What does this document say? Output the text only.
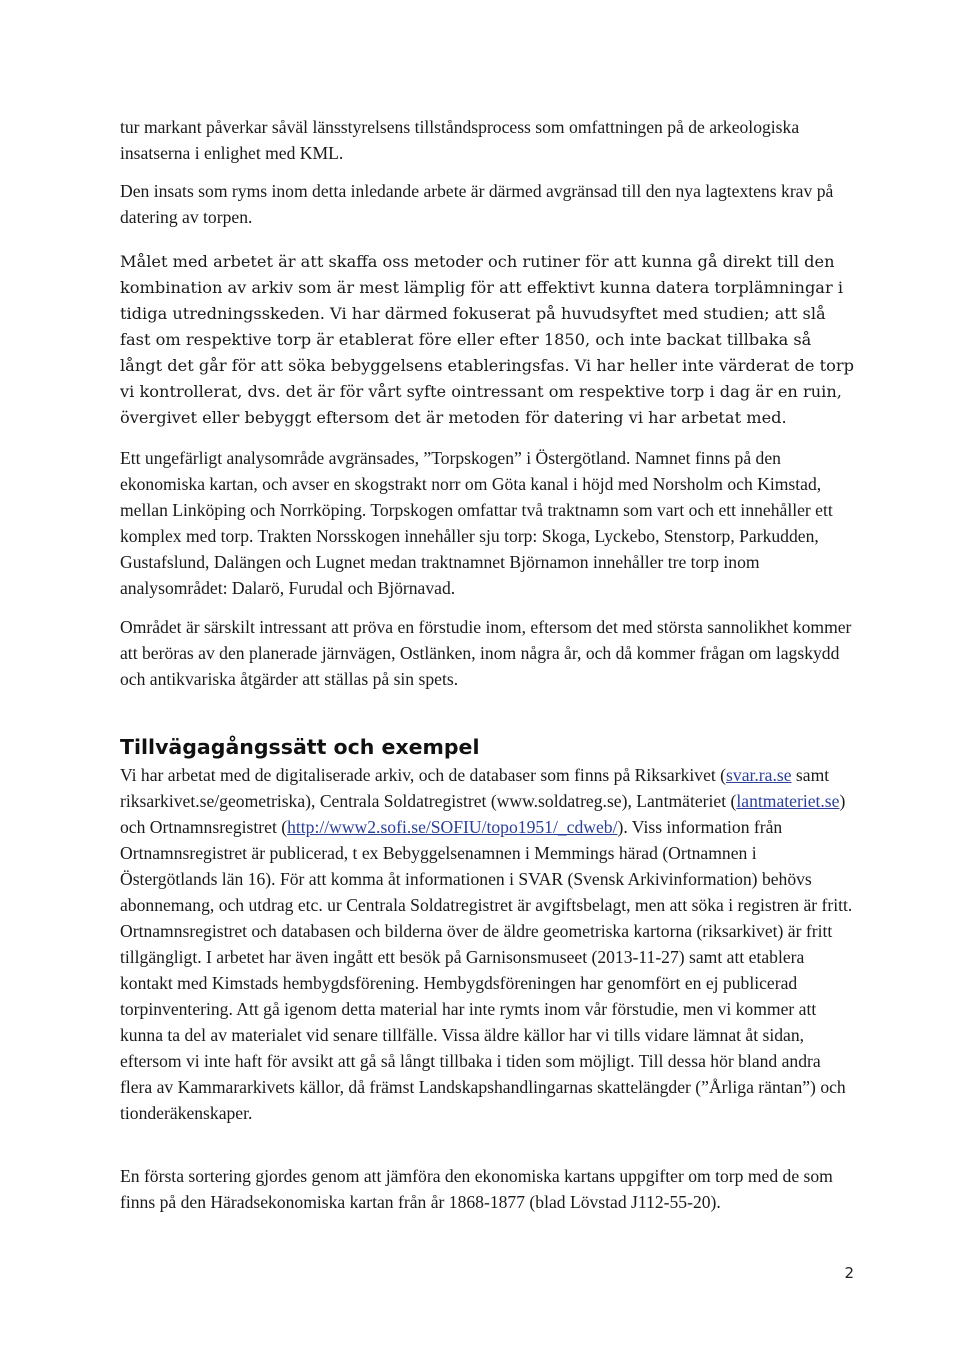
tur markant påverkar såväl länsstyrelsens tillståndsprocess som omfattningen på de arkeologiska insatserna i enlighet med KML.

Den insats som ryms inom detta inledande arbete är därmed avgränsad till den nya lagtextens krav på datering av torpen.

Målet med arbetet är att skaffa oss metoder och rutiner för att kunna gå direkt till den kombination av arkiv som är mest lämplig för att effektivt kunna datera torplämningar i tidiga utredningsskeden. Vi har därmed fokuserat på huvudsyftet med studien; att slå fast om respektive torp är etablerat före eller efter 1850, och inte backat tillbaka så långt det går för att söka bebyggelsens etableringsfas. Vi har heller inte värderat de torp vi kontrollerat, dvs. det är för vårt syfte ointressant om respektive torp i dag är en ruin, övergivet eller bebyggt eftersom det är metoden för datering vi har arbetat med.

Ett ungefärligt analysområde avgränsades, ”Torpskogen” i Östergötland. Namnet finns på den ekonomiska kartan, och avser en skogstrakt norr om Göta kanal i höjd med Norsholm och Kimstad, mellan Linköping och Norrköping. Torpskogen omfattar två traktnamn som vart och ett innehåller ett komplex med torp. Trakten Norsskogen innehåller sju torp: Skoga, Lyckebo, Stenstorp, Parkudden, Gustafslund, Dalängen och Lugnet medan traktnamnet Björnamon innehåller tre torp inom analysområdet: Dalarö, Furudal och Björnavad.

Området är särskilt intressant att pröva en förstudie inom, eftersom det med största sannolikhet kommer att beröras av den planerade järnvägen, Ostlänken, inom några år, och då kommer frågan om lagskydd och antikvariska åtgärder att ställas på sin spets.

Tillvägagångssätt och exempel

Vi har arbetat med de digitaliserade arkiv, och de databaser som finns på Riksarkivet (svar.ra.se samt riksarkivet.se/geometriska), Centrala Soldatregistret (www.soldatreg.se), Lantmäteriet (lantmateriet.se) och Ortnamnsregistret (http://www2.sofi.se/SOFIU/topo1951/_cdweb/). Viss information från Ortnamnsregistret är publicerad, t ex Bebyggelsenamnen i Memmings härad (Ortnamnen i Östergötlands län 16). För att komma åt informationen i SVAR (Svensk Arkivinformation) behövs abonnemang, och utdrag etc. ur Centrala Soldatregistret är avgiftsbelagt, men att söka i registren är fritt. Ortnamnsregistret och databasen och bilderna över de äldre geometriska kartorna (riksarkivet) är fritt tillgängligt. I arbetet har även ingått ett besök på Garnisonsmuseet (2013-11-27) samt att etablera kontakt med Kimstads hembygdsförening. Hembygdsföreningen har genomfört en ej publicerad torpinventering. Att gå igenom detta material har inte rymts inom vår förstudie, men vi kommer att kunna ta del av materialet vid senare tillfälle. Vissa äldre källor har vi tills vidare lämnat åt sidan, eftersom vi inte haft för avsikt att gå så långt tillbaka i tiden som möjligt. Till dessa hör bland andra flera av Kammararkivets källor, då främst Landskapshandlingarnas skattelängder (”Årliga räntan”) och tionderäkenskaper.

En första sortering gjordes genom att jämföra den ekonomiska kartans uppgifter om torp med de som finns på den Häradsekonomiska kartan från år 1868-1877 (blad Lövstad J112-55-20).

2
